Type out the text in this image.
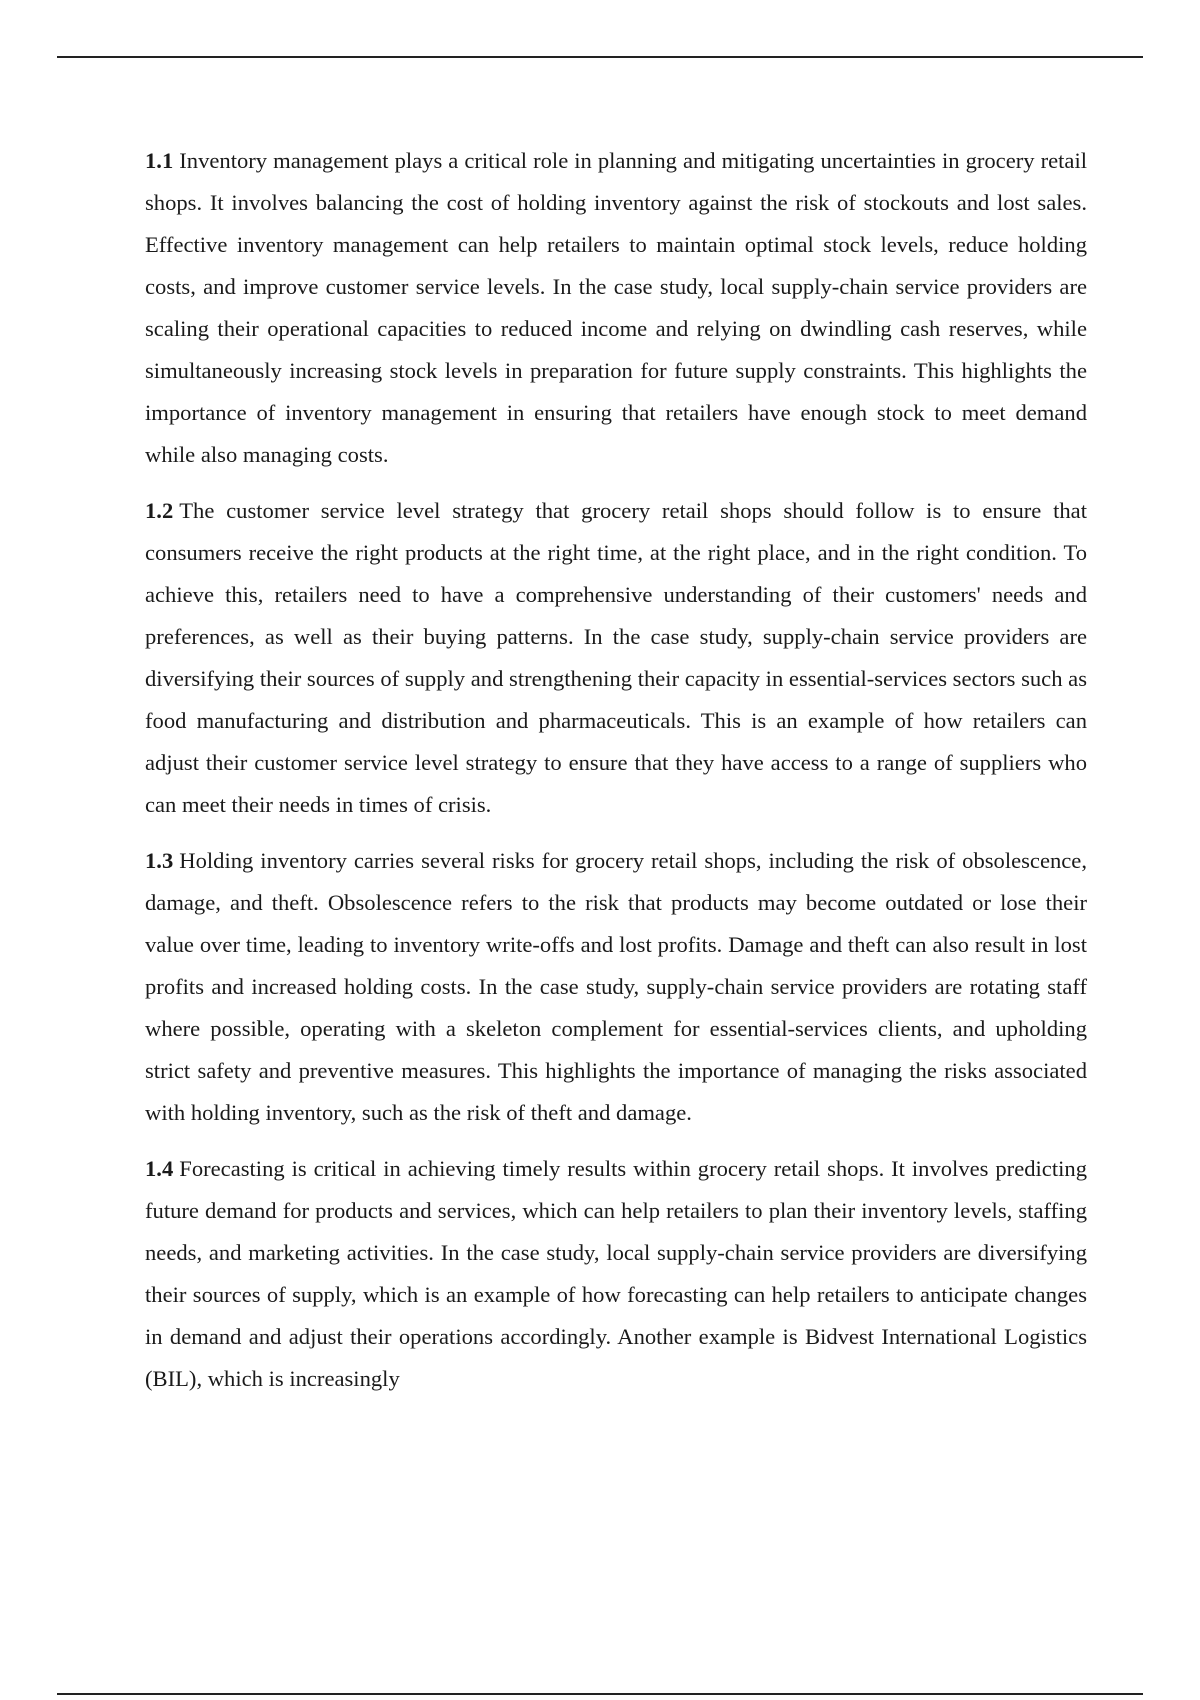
1.1 Inventory management plays a critical role in planning and mitigating uncertainties in grocery retail shops. It involves balancing the cost of holding inventory against the risk of stockouts and lost sales. Effective inventory management can help retailers to maintain optimal stock levels, reduce holding costs, and improve customer service levels. In the case study, local supply-chain service providers are scaling their operational capacities to reduced income and relying on dwindling cash reserves, while simultaneously increasing stock levels in preparation for future supply constraints. This highlights the importance of inventory management in ensuring that retailers have enough stock to meet demand while also managing costs.

1.2 The customer service level strategy that grocery retail shops should follow is to ensure that consumers receive the right products at the right time, at the right place, and in the right condition. To achieve this, retailers need to have a comprehensive understanding of their customers' needs and preferences, as well as their buying patterns. In the case study, supply-chain service providers are diversifying their sources of supply and strengthening their capacity in essential-services sectors such as food manufacturing and distribution and pharmaceuticals. This is an example of how retailers can adjust their customer service level strategy to ensure that they have access to a range of suppliers who can meet their needs in times of crisis.

1.3 Holding inventory carries several risks for grocery retail shops, including the risk of obsolescence, damage, and theft. Obsolescence refers to the risk that products may become outdated or lose their value over time, leading to inventory write-offs and lost profits. Damage and theft can also result in lost profits and increased holding costs. In the case study, supply-chain service providers are rotating staff where possible, operating with a skeleton complement for essential-services clients, and upholding strict safety and preventive measures. This highlights the importance of managing the risks associated with holding inventory, such as the risk of theft and damage.

1.4 Forecasting is critical in achieving timely results within grocery retail shops. It involves predicting future demand for products and services, which can help retailers to plan their inventory levels, staffing needs, and marketing activities. In the case study, local supply-chain service providers are diversifying their sources of supply, which is an example of how forecasting can help retailers to anticipate changes in demand and adjust their operations accordingly. Another example is Bidvest International Logistics (BIL), which is increasingly
